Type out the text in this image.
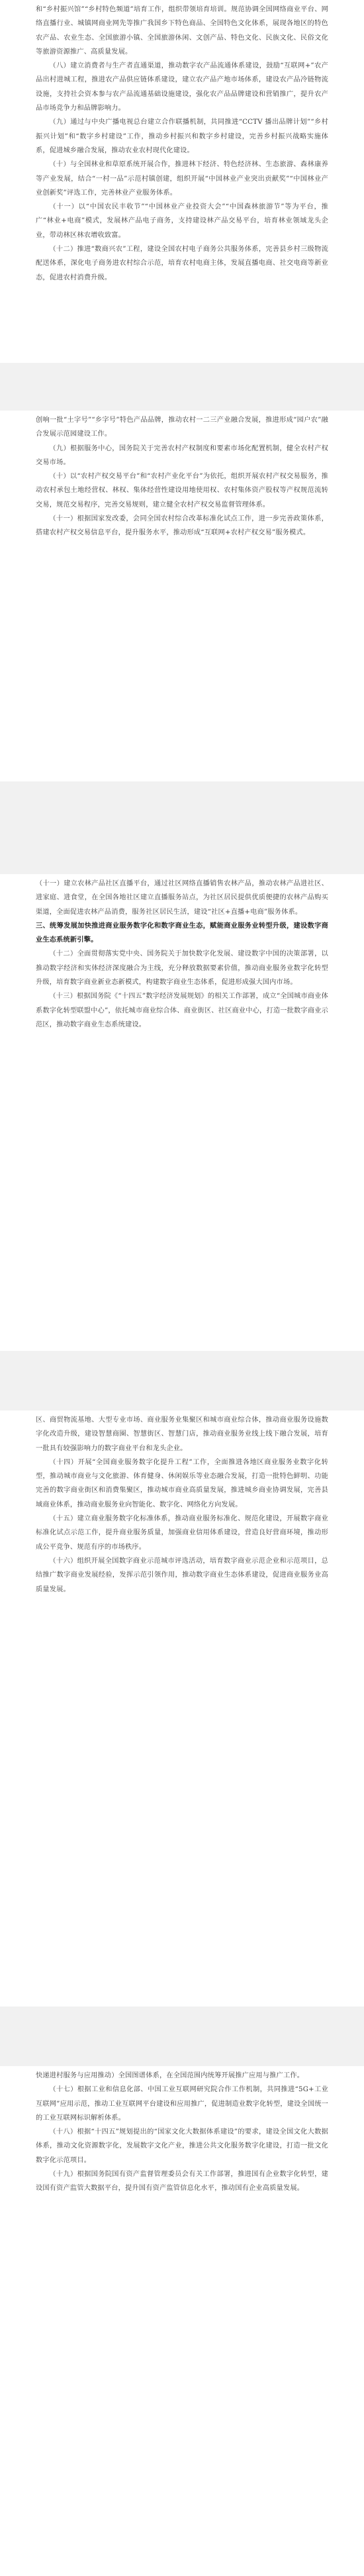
和“乡村振兴馆”“乡村特色频道”培育工作，组织带领培育培训。规范协调全国网络商业平台、网络直播行业、城镇网商业网先等推广我国乡下特色商品、全国特色文化体系，展现各地区的特色农产品、农业生态、全国旅游小镇、全国旅游休闲、文创产品、特色文化、民族文化、民俗文化等旅游资源推广、高质量发展。

（八）建立消费者与生产者直通渠道，推动数字农产品流通体系建设，鼓励“互联网+”农产品出村进城工程，推进农产品供应链体系建设，建立农产品产地市场体系，建设农产品冷链物流设施，支持社会资本参与农产品流通基础设施建设，强化农产品品牌建设和营销推广，提升农产品市场竞争力和品牌影响力。

（九）通过与中央广播电视总台建立合作联播机制，共同推进“CCTV 播出品牌计划”“乡村振兴计划”和“数字乡村建设”工作，推动乡村振兴和数字乡村建设，完善乡村振兴战略实施体系，促进城乡融合发展，推动农业农村现代化建设。

（十）与全国林业和草原系统开展合作，推进林下经济、特色经济林、生态旅游、森林康养等产业发展，结合“一村一品”示范村镇创建，组织开展“中国林业产业突出贡献奖”“中国林业产业创新奖”评选工作，完善林业产业服务体系。

（十一）以“中国农民丰收节”“中国林业产业投资大会”“中国森林旅游节”等为平台，推广“林业+电商”模式，发展林产品电子商务，支持建设林产品交易平台，培育林业领域龙头企业，带动林区林农增收致富。

（十二）推进“数商兴农”工程，建设全国农村电子商务公共服务体系，完善县乡村三级物流配送体系，深化电子商务进农村综合示范，培育农村电商主体，发展直播电商、社交电商等新业态，促进农村消费升级。

创响一批“土字号”“乡字号”特色产品品牌，推动农村一二三产业融合发展，推进形成“园户农”融合发展示范园建设工作。

（九）根据服务中心，国务院关于完善农村产权制度和要素市场化配置机制，健全农村产权交易市场。

（十）以“农村产权交易平台”和“农村产业化平台”为依托，组织开展农村产权交易服务，推动农村承包土地经营权、林权、集体经营性建设用地使用权、农村集体资产股权等产权规范流转交易，规范交易程序，完善交易规则，建立健全农村产权交易监督管理体系。

（十一）根据国家发改委，会同全国农村综合改革标准化试点工作，进一步完善政策体系，搭建农村产权交易信息平台，提升服务水平，推动形成“互联网+农村产权交易”服务模式。

（十一）建立农林产品社区直播平台，通过社区网络直播销售农林产品，推动农林产品进社区、进家庭、进食堂，在全国各地社区建立直播服务站点，为社区居民提供优质便捷的农林产品购买渠道，全面促进农林产品消费，服务社区居民生活，建设“社区+直播+电商”服务体系。

三、统筹发展加快推进商业服务数字化和数字商业生态，赋能商业服务业转型升级，建设数字商业生态系统新引擎。

（十二）全面贯彻落实党中央、国务院关于加快数字化发展、建设数字中国的决策部署，以推动数字经济和实体经济深度融合为主线，充分释放数据要素价值，推动商业服务业数字化转型升级，培育数字商业新业态新模式，构建数字商业生态体系，促进形成强大国内市场。

（十三）根据国务院《“十四五”数字经济发展规划》的相关工作部署，成立“全国城市商业体系数字化转型联盟中心”，依托城市商业综合体、商业街区、社区商业中心，打造一批数字商业示范区，推动数字商业生态系统建设。

区、商贸物流基地、大型专业市场、商业服务业集聚区和城市商业综合体，推动商业服务设施数字化改造升级，建设智慧商圈、智慧街区、智慧门店，推动商业服务业线上线下融合发展，培育一批具有较强影响力的数字商业平台和龙头企业。

（十四）开展“全国商业服务数字化提升工程”工作，全面推进各地区商业服务业数字化转型，推动城市商业与文化旅游、体育健身、休闲娱乐等业态融合发展，打造一批特色鲜明、功能完善的数字商业街区和消费集聚区，推动城市商业高质量发展，推进城乡商业协调发展，完善县域商业体系，推动商业服务业向智能化、数字化、网络化方向发展。

（十五）建立商业服务数字化标准体系，推动商业服务标准化、规范化建设，开展数字商业标准化试点示范工作，提升商业服务质量，加强商业信用体系建设，营造良好营商环境，推动形成公平竞争、规范有序的市场秩序。

（十六）组织开展全国数字商业示范城市评选活动，培育数字商业示范企业和示范项目，总结推广数字商业发展经验，发挥示范引领作用，推动数字商业生态体系建设，促进商业服务业高质量发展。

快递进村服务与应用推动）全国图谱体系，在全国范围内统筹开展推广应用与推广工作。

（十七）根据工业和信息化部、中国工业互联网研究院合作工作机制，共同推进“5G+工业互联网”应用示范，推动工业互联网平台建设和应用推广，促进制造业数字化转型，建设全国统一的工业互联网标识解析体系。

（十八）根据“十四五”规划提出的“国家文化大数据体系建设”的要求，建设全国文化大数据体系，推动文化资源数字化，发展数字文化产业，推进公共文化服务数字化建设，打造一批文化数字化示范项目。

（十九）根据国务院国有资产监督管理委员会有关工作部署，推进国有企业数字化转型，建设国有资产监管大数据平台，提升国有资产监管信息化水平，推动国有企业高质量发展。
